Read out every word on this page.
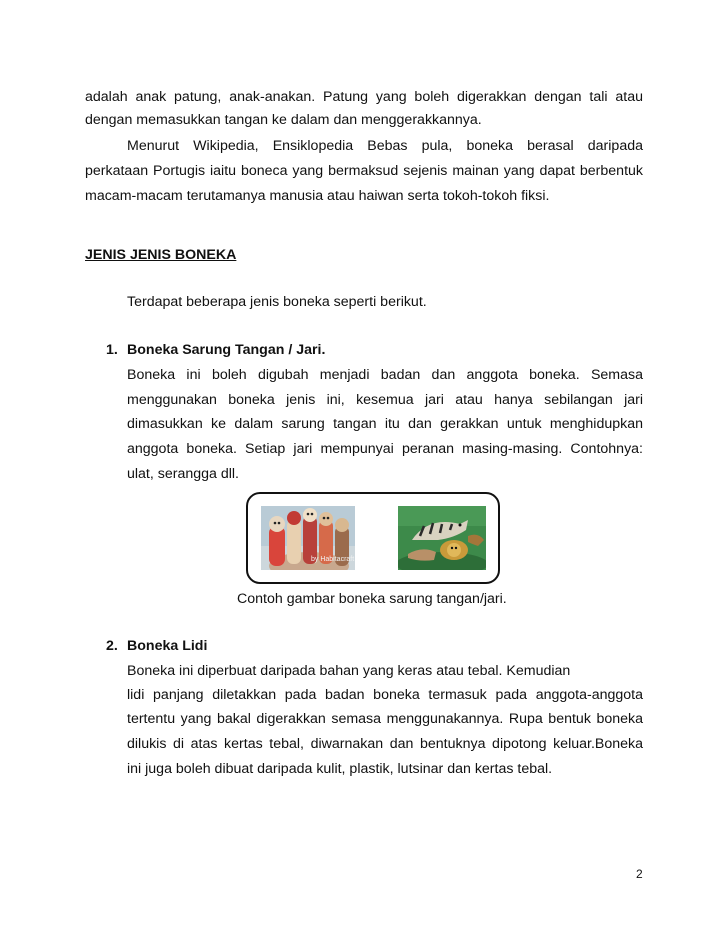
adalah anak patung, anak-anakan. Patung yang boleh digerakkan dengan tali atau
dengan memasukkan tangan ke dalam dan menggerakkannya.
Menurut Wikipedia, Ensiklopedia Bebas pula, boneka berasal daripada
perkataan Portugis iaitu boneca yang bermaksud sejenis mainan yang dapat berbentuk
macam-macam terutamanya manusia atau haiwan serta tokoh-tokoh fiksi.
JENIS JENIS BONEKA
Terdapat beberapa jenis boneka seperti berikut.
1. Boneka Sarung Tangan / Jari.
Boneka ini boleh digubah menjadi badan dan anggota boneka. Semasa
menggunakan boneka jenis ini, kesemua jari atau hanya sebilangan jari
dimasukkan ke dalam sarung tangan itu dan gerakkan untuk menghidupkan
anggota boneka. Setiap jari mempunyai peranan masing-masing. Contohnya:
ulat, serangga dll.
by Habitacraft
Contoh gambar boneka sarung tangan/jari.
2. Boneka Lidi
Boneka ini diperbuat daripada bahan yang keras atau tebal. Kemudian
lidi panjang diletakkan pada badan boneka termasuk pada anggota-anggota
tertentu yang bakal digerakkan semasa menggunakannya. Rupa bentuk boneka
dilukis di atas kertas tebal, diwarnakan dan bentuknya dipotong keluar.Boneka
ini juga boleh dibuat daripada kulit, plastik, lutsinar dan kertas tebal.
2
